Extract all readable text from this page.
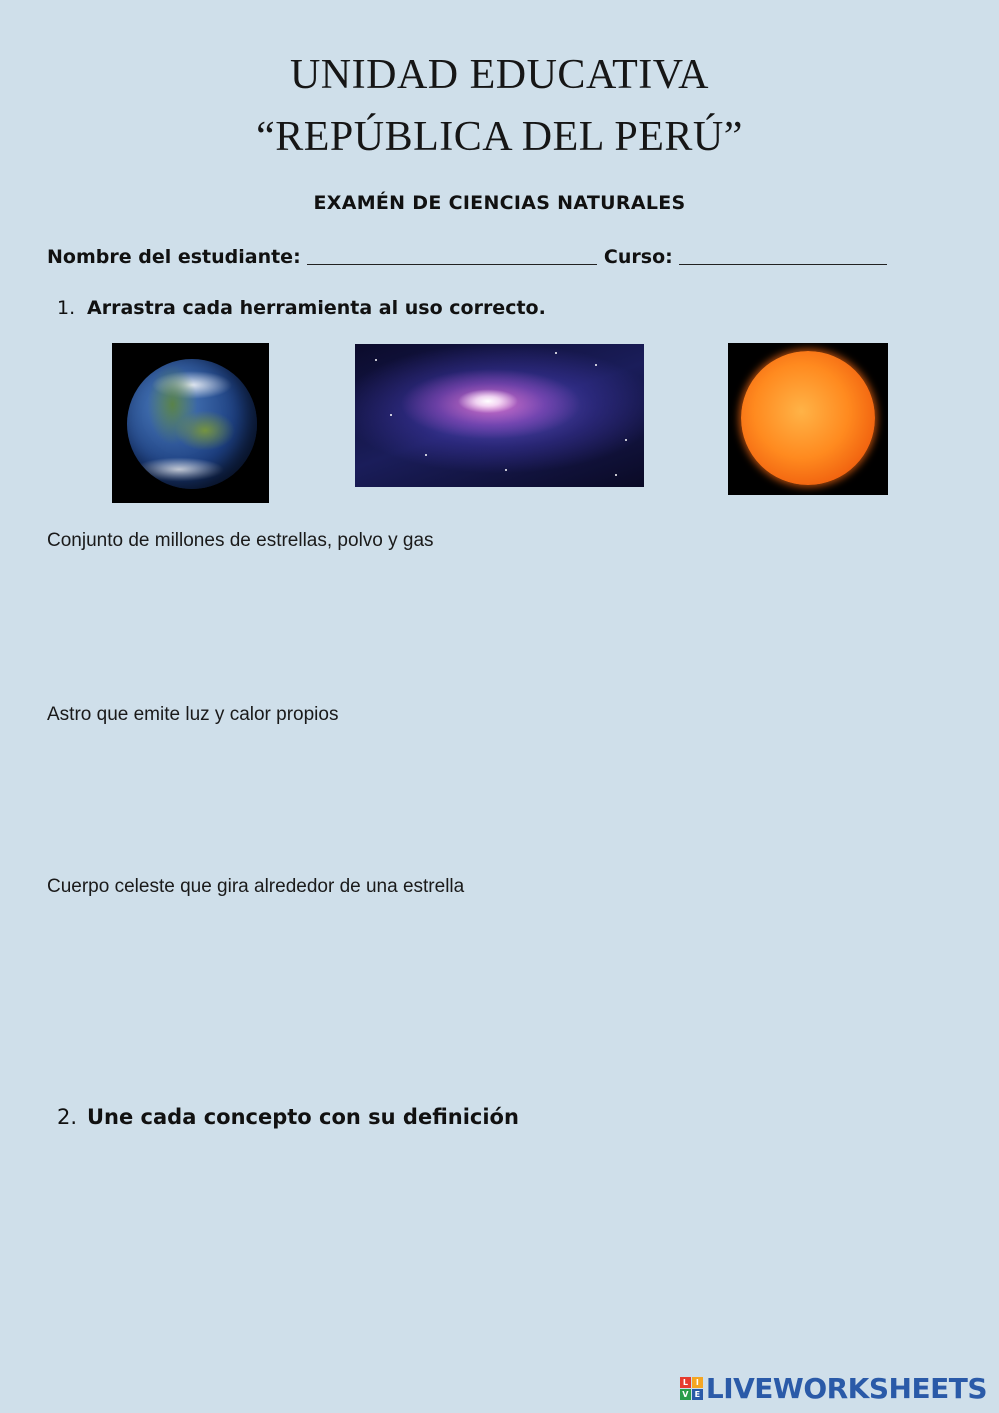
UNIDAD EDUCATIVA
“REPÚBLICA DEL PERÚ”
EXAMÉN DE CIENCIAS NATURALES
Nombre del estudiante:	Curso:
1. Arrastra cada herramienta al uso correcto.
Conjunto de millones de estrellas, polvo y gas
Astro que emite luz y calor propios
Cuerpo celeste que gira alrededor de una estrella
2. Une cada concepto con su definición
L I
V E LIVEWORKSHEETS
